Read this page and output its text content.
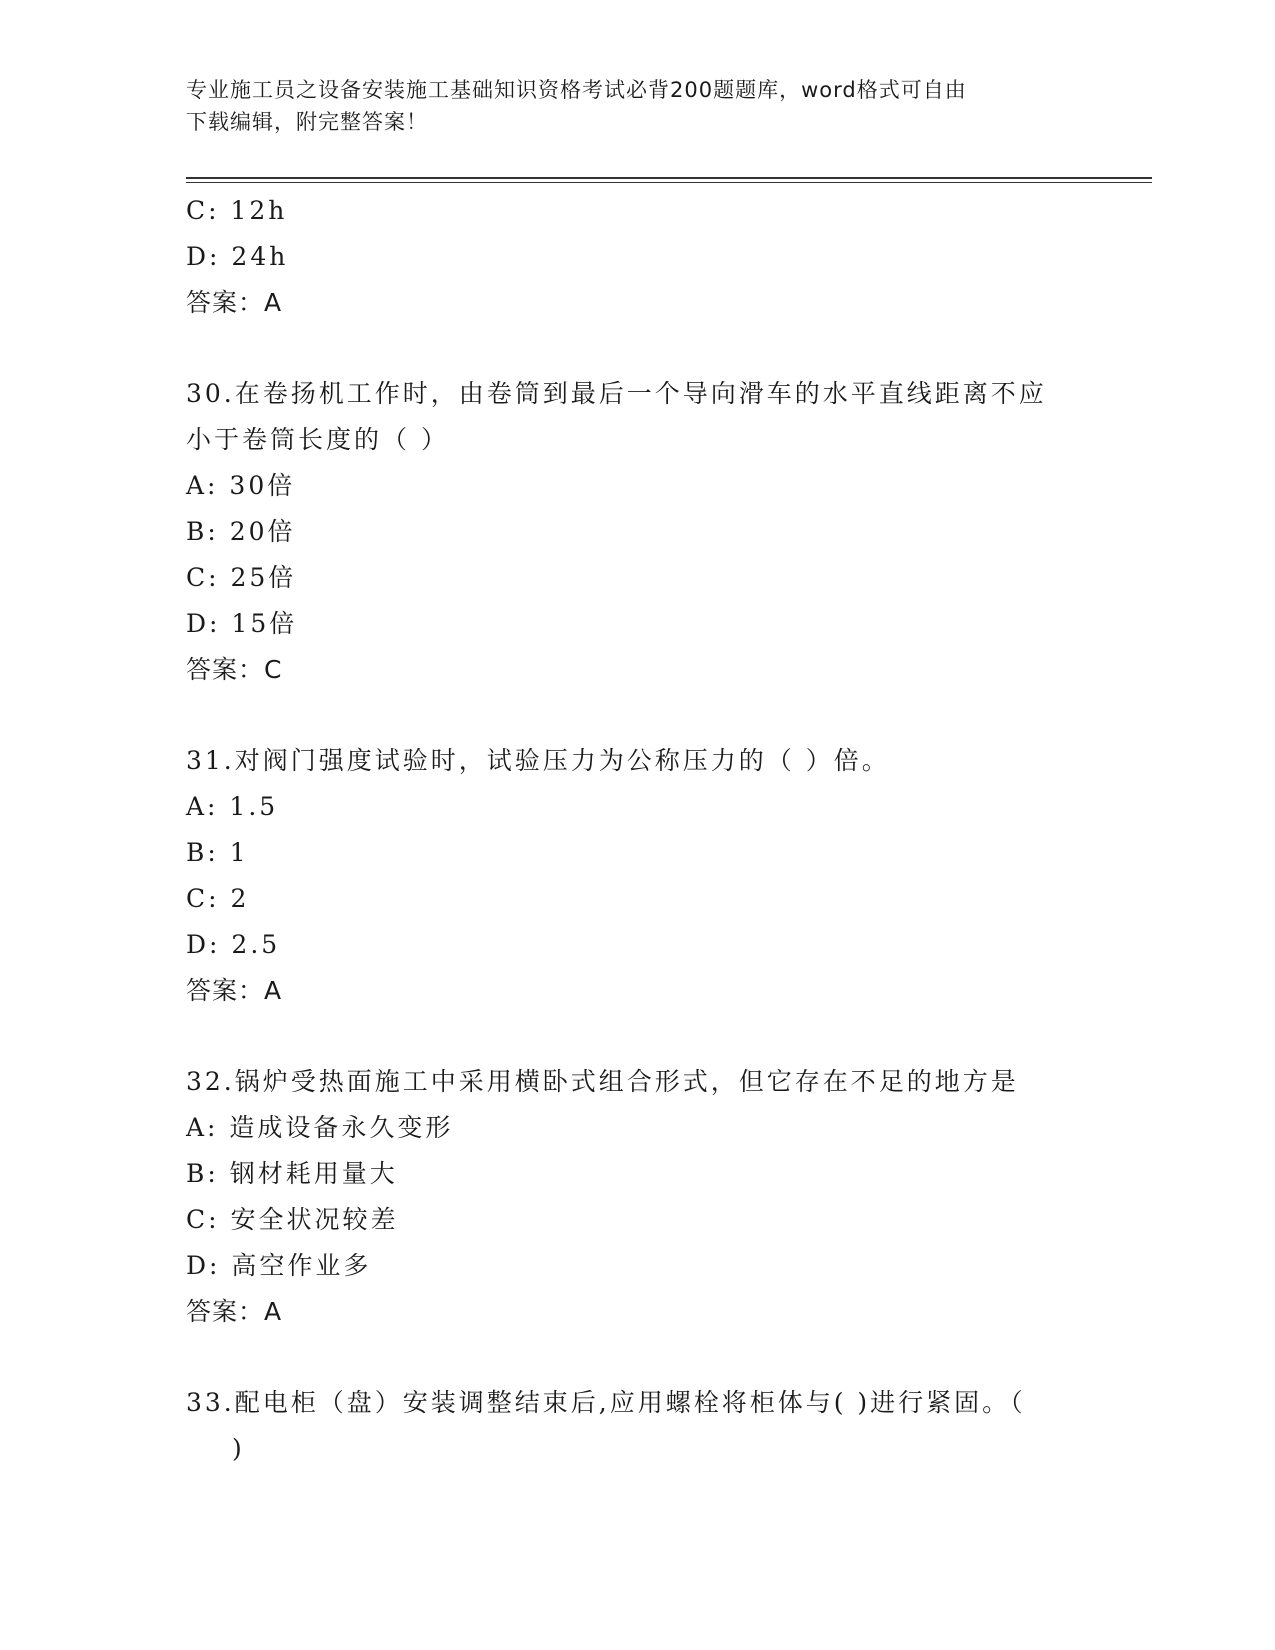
专业施工员之设备安装施工基础知识资格考试必背200题题库，word格式可自由
下载编辑，附完整答案！
C: 12h
D: 24h
答案：A
30.在卷扬机工作时，由卷筒到最后一个导向滑车的水平直线距离不应
小于卷筒长度的（ ）
A: 30倍
B: 20倍
C: 25倍
D: 15倍
答案：C
31.对阀门强度试验时，试验压力为公称压力的（ ）倍。
A: 1.5
B: 1
C: 2
D: 2.5
答案：A
32.锅炉受热面施工中采用横卧式组合形式，但它存在不足的地方是
A: 造成设备永久变形
B: 钢材耗用量大
C: 安全状况较差
D: 高空作业多
答案：A
33.配电柜（盘）安装调整结束后,应用螺栓将柜体与( )进行紧固。（
)
